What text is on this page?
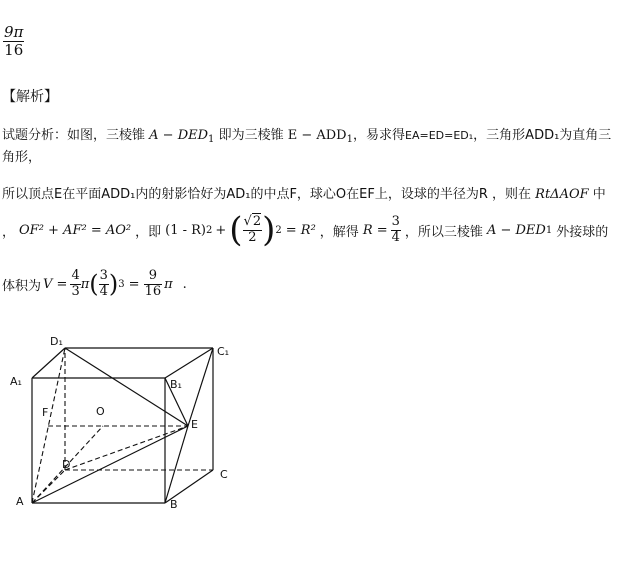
$\frac{9\pi}{16}$
【解析】
试题分析：如图，三棱锥 $A - DED_1$ 即为三棱锥 $E - ADD_1$，易求得EA=ED=ED₁，三角形ADD₁为直角三
角形，
所以顶点E在平面ADD₁内的射影恰好为AD₁的中点F，球心O在EF上，设球的半径为R ，则在 RtΔAOF 中
， OF² + AF² = AO² ，即 (1 - R) 2 + ( $\frac{√2}{2}$ ) 2 = R² ，解得 $R = \frac{3}{4}$ ，所以三棱锥 A − DED 1 外接球的
体积为 $V = \frac{4}{3}$ π ( $\frac{3}{4}$ ) $3 = \frac{9}{16}$ π .
D₁
C₁
A₁	B₁
F	O
E
D
C
A	B
